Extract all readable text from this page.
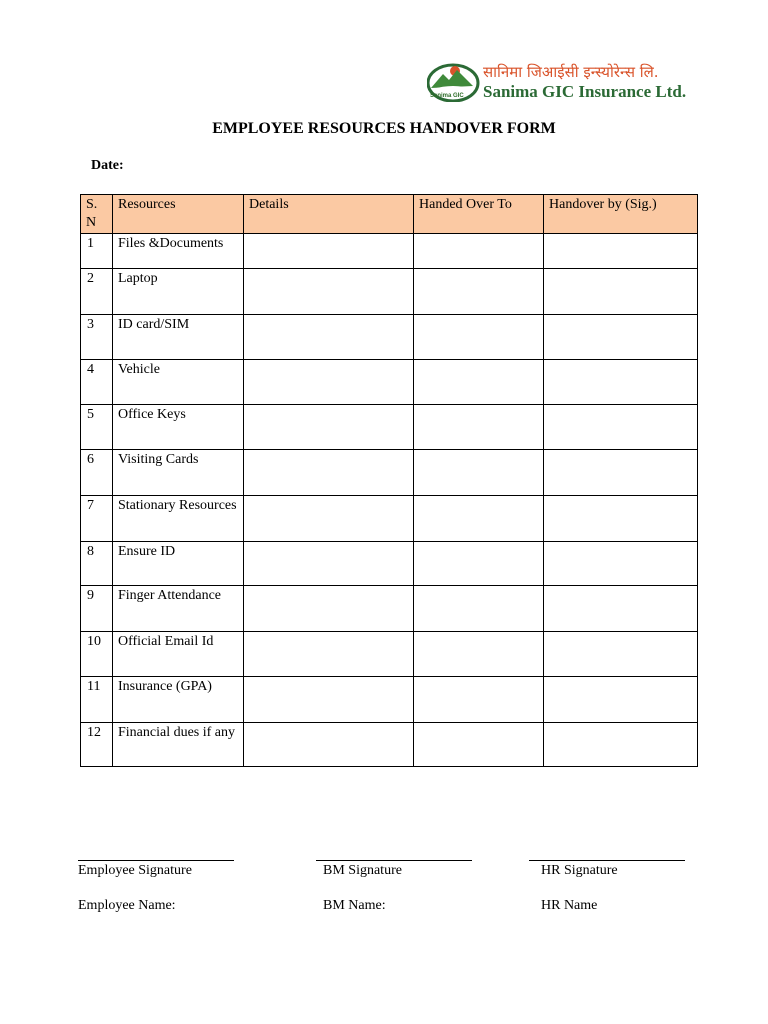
Sanima GIC
सानिमा जिआईसी इन्स्योरेन्स लि.
Sanima GIC Insurance Ltd.
EMPLOYEE RESOURCES HANDOVER FORM
Date:
S. N	Resources	Details	Handed Over To	Handover by (Sig.)
1	Files &Documents			
2	Laptop			
3	ID card/SIM			
4	Vehicle			
5	Office Keys			
6	Visiting Cards			
7	Stationary Resources			
8	Ensure ID			
9	Finger Attendance			
10	Official Email Id			
11	Insurance (GPA)			
12	Financial dues if any			
Employee Signature
Employee Name:
BM Signature
BM Name:
HR Signature
HR Name
